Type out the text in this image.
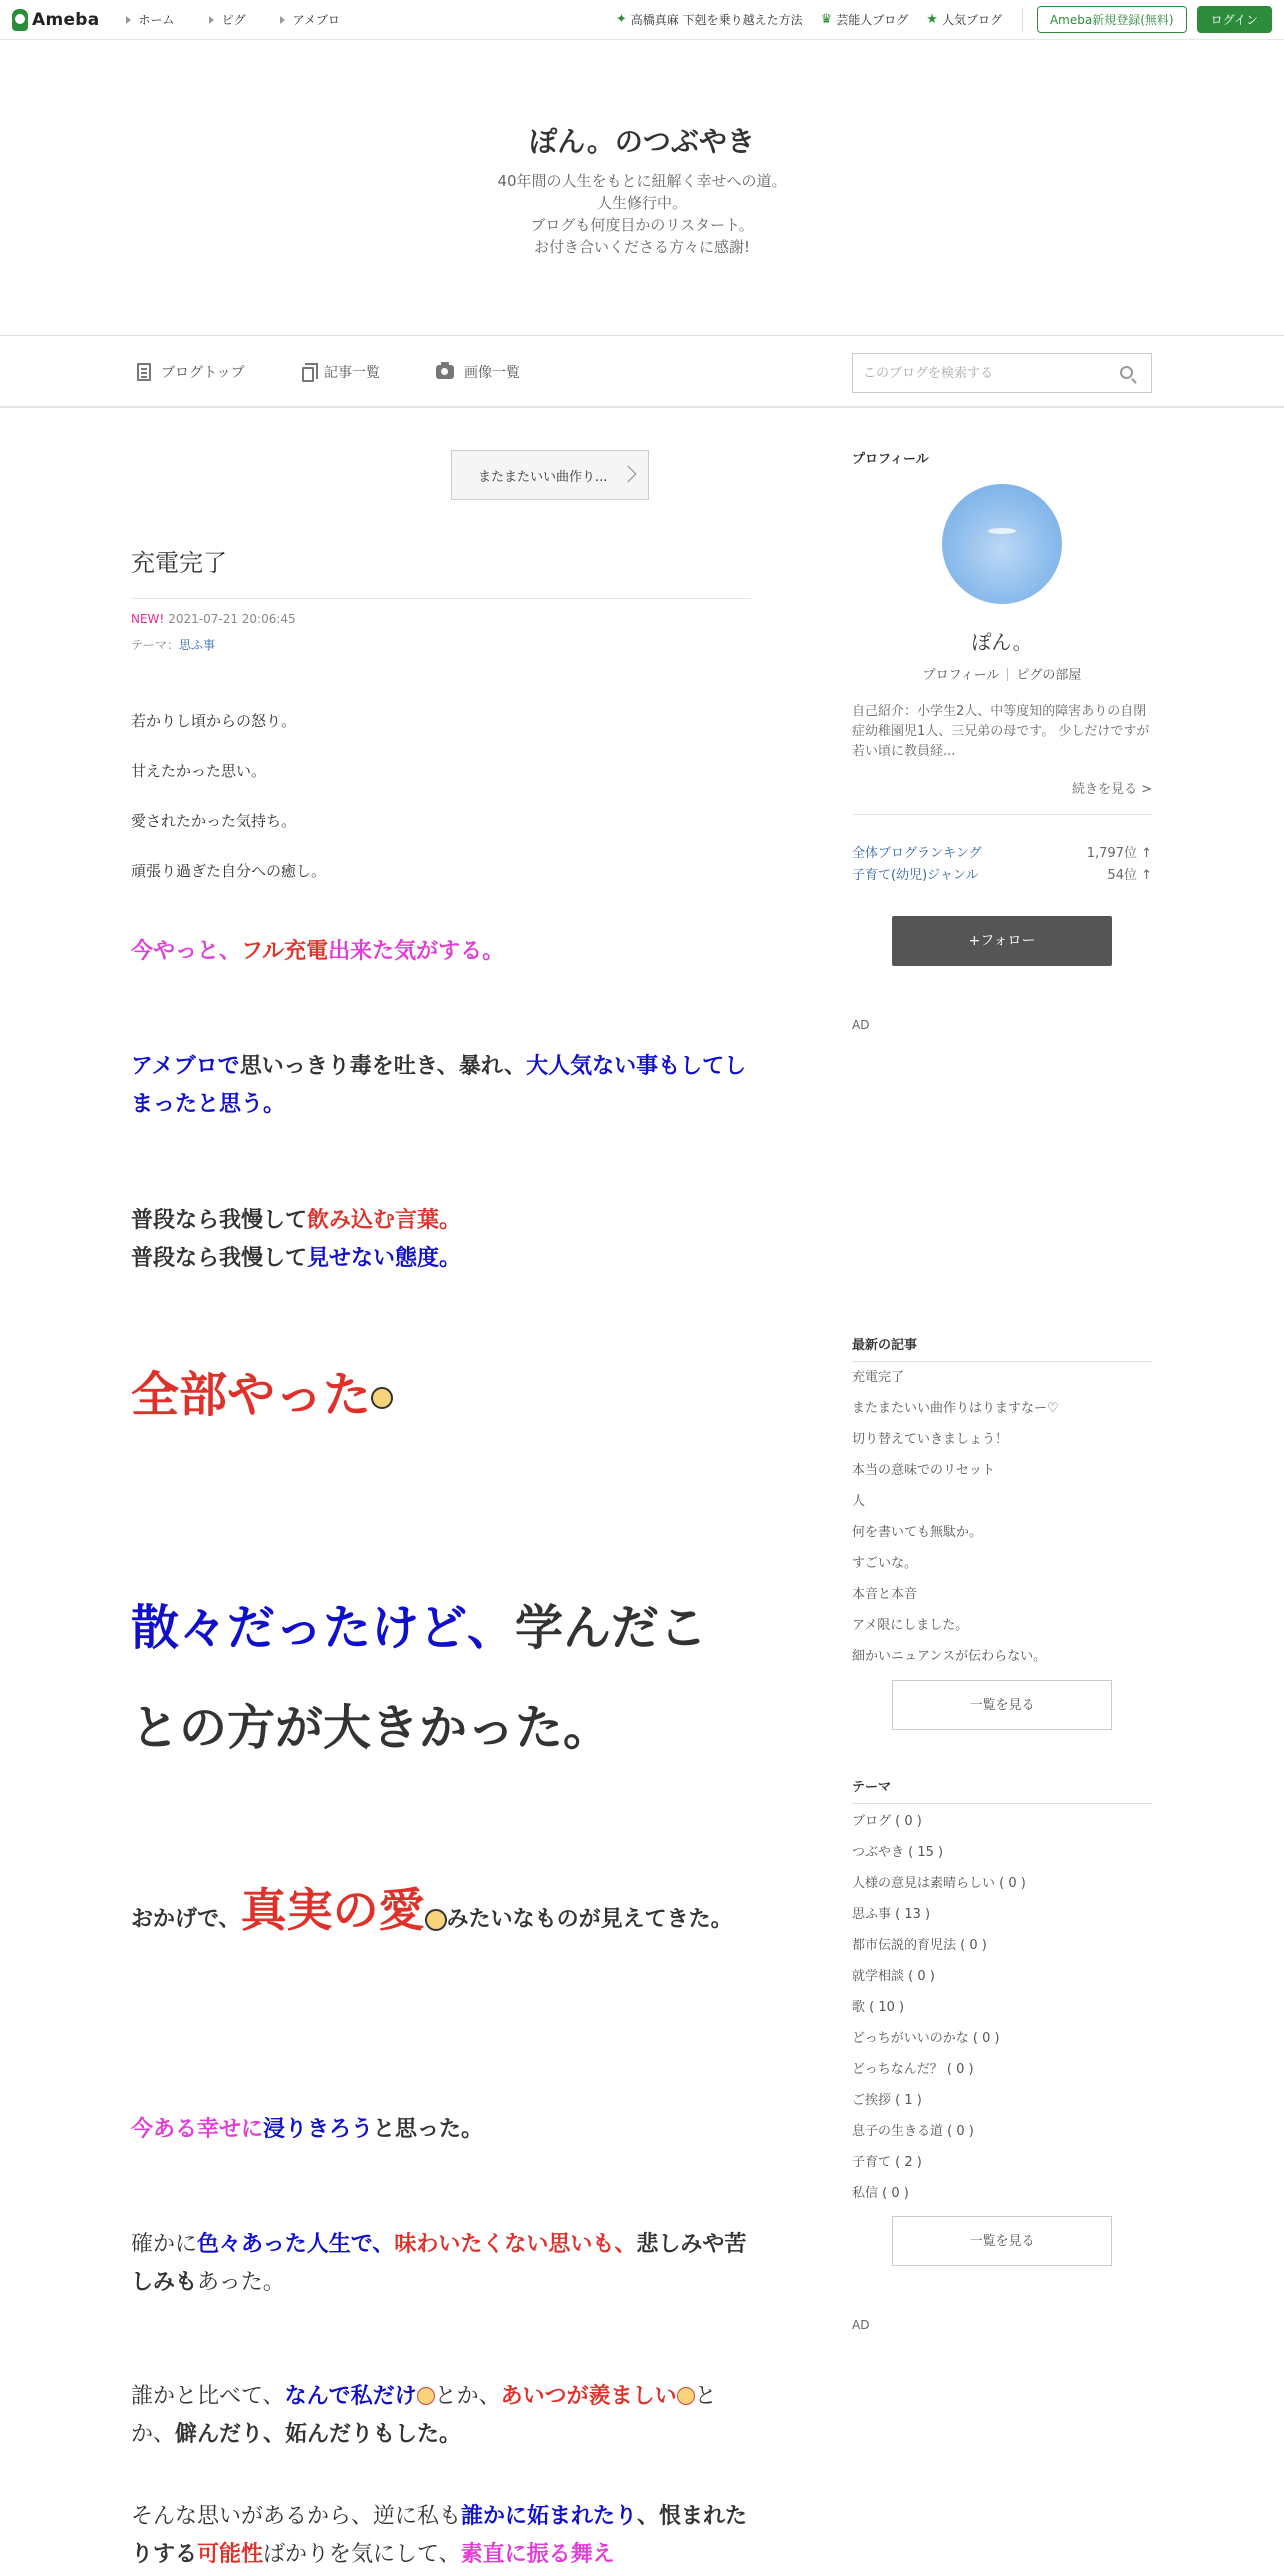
Ameba	ホーム	ピグ	アメブロ	✦ 高橋真麻 下剋を乗り越えた方法 ♛ 芸能人ブログ ★ 人気ブログ	Ameba新規登録(無料)	ログイン
ぽん。のつぶやき
40年間の人生をもとに紐解く幸せへの道。
人生修行中。
ブログも何度目かのリスタート。
お付き合いくださる方々に感謝!
ブログトップ	記事一覧	画像一覧
このブログを検索する
またまたいい曲作り...
充電完了
NEW! 2021-07-21 20:06:45
テーマ：思ふ事
若かりし頃からの怒り。
甘えたかった思い。
愛されたかった気持ち。
頑張り過ぎた自分への癒し。
今やっと、フル充電出来た気がする。
アメブロで思いっきり毒を吐き、暴れ、大人気ない事もしてしまったと思う。
普段なら我慢して飲み込む言葉。
普段なら我慢して見せない態度。
全部やった
散々だったけど、学んだことの方が大きかった。
おかげで、真実の愛 みたいなものが見えてきた。
今ある幸せに浸りきろうと思った。
確かに色々あった人生で、味わいたくない思いも、悲しみや苦しみもあった。
誰かと比べて、なんで私だけ とか、あいつが羨ましい とか、僻んだり、妬んだりもした。
そんな思いがあるから、逆に私も誰かに妬まれたり、恨まれたりする可能性ばかりを気にして、素直に振る舞え
プロフィール
ぽん。
プロフィール ピグの部屋
自己紹介：小学生2人、中等度知的障害ありの自閉症幼稚園児1人、三兄弟の母です。 少しだけですが若い頃に教員経...
続きを見る >
全体ブログランキング	1,797位 ↑
子育て(幼児)ジャンル	54位 ↑
+フォロー
AD
最新の記事
充電完了
またまたいい曲作りはりますなー♡
切り替えていきましょう！
本当の意味でのリセット
人
何を書いても無駄か。
すごいな。
本音と本音
アメ限にしました。
細かいニュアンスが伝わらない。
一覧を見る
テーマ
ブログ ( 0 )
つぶやき ( 15 )
人様の意見は素晴らしい ( 0 )
思ふ事 ( 13 )
都市伝説的育児法 ( 0 )
就学相談 ( 0 )
歌 ( 10 )
どっちがいいのかな ( 0 )
どっちなんだ？ ( 0 )
ご挨拶 ( 1 )
息子の生きる道 ( 0 )
子育て ( 2 )
私信 ( 0 )
一覧を見る
AD
